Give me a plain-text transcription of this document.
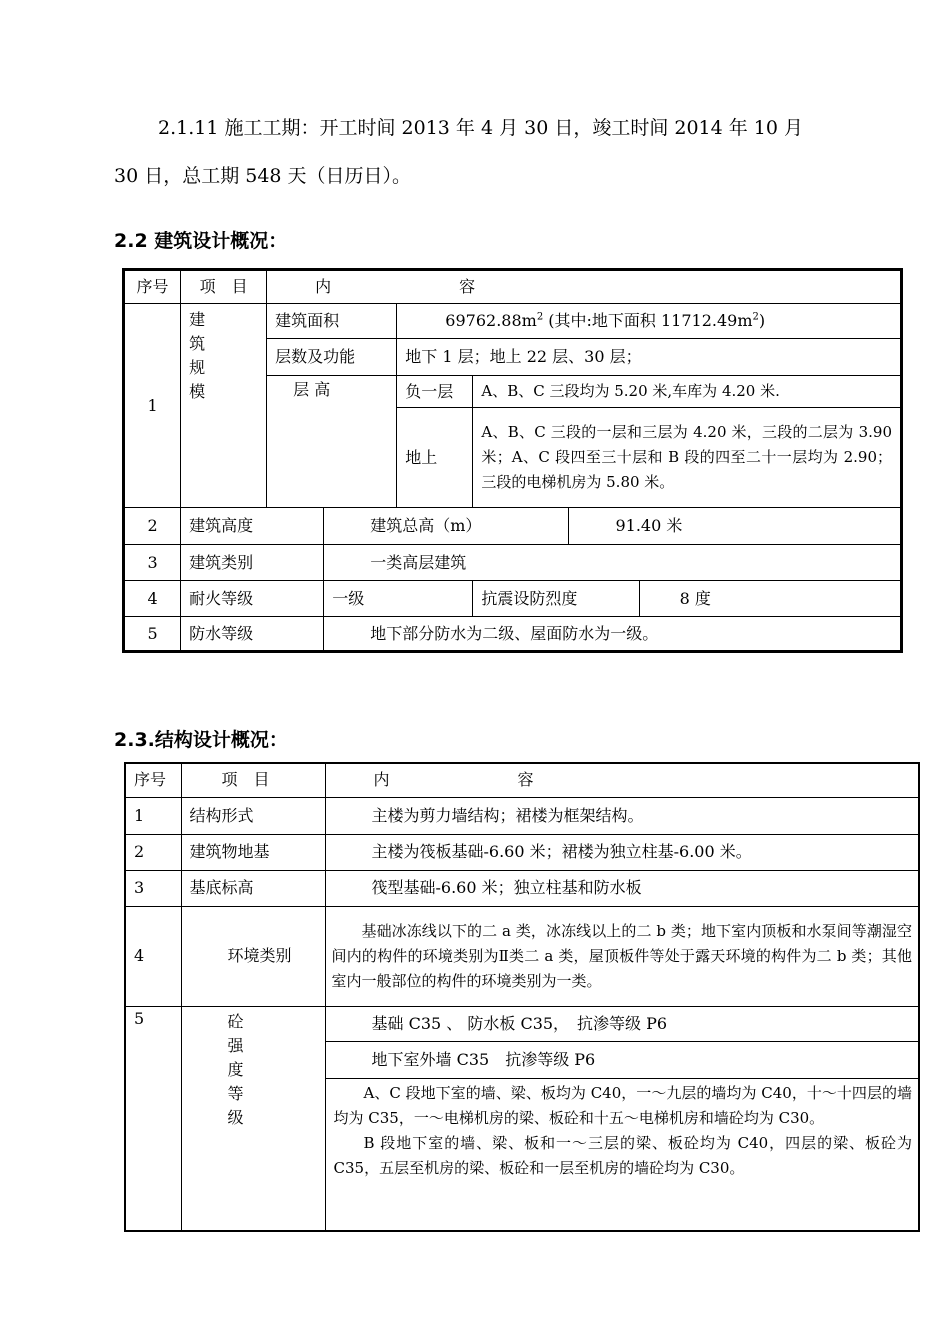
2.1.11 施工工期：开工时间 2013 年 4 月 30 日，竣工时间 2014 年 10 月
30 日，总工期 548 天（日历日）。
2.2 建筑设计概况：
序号	项　目	内　　　　　　　　容					
1	建筑规模	建筑面积		$69762.88m^2$ (其中:地下面积 $11712.49m^2$)			
		层数及功能		地下 1 层；地上 22 层、30 层；			
		层 高		负一层	A、B、C 三段均为 5.20 米,车库为 4.20 米.		
				地上	A、B、C 三段的一层和三层为 4.20 米，三段的二层为 3.90 米；A、C 段四至三十层和 B 段的四至二十一层均为 2.90；三段的电梯机房为 5.80 米。		
2	建筑高度		建筑总高（m）			91.40 米	
3	建筑类别		一类高层建筑				
4	耐火等级		一级		抗震设防烈度		8 度
5	防水等级		地下部分防水为二级、屋面防水为一级。				
2.3.结构设计概况：
序号	项　目	内　　　　　　　　容
1	结构形式	主楼为剪力墙结构；裙楼为框架结构。
2	建筑物地基	主楼为筏板基础-6.60 米；裙楼为独立柱基-6.00 米。
3	基底标高	筏型基础-6.60 米；独立柱基和防水板
4	环境类别	基础冰冻线以下的二 a 类，冰冻线以上的二 b 类；地下室内顶板和水泵间等潮湿空间内的构件的环境类别为Ⅱ类二 a 类，屋顶板件等处于露天环境的构件为二 b 类；其他室内一般部位的构件的环境类别为一类。
5	砼强度等级	基础 C35 、 防水板 C35，　抗渗等级 P6
		地下室外墙 C35　抗渗等级 P6

		A、C 段地下室的墙、梁、板均为 C40，一～九层的墙均为 C40，十～十四层的墙均为 C35，一～电梯机房的梁、板砼和十五～电梯机房和墙砼均为 C30。
B 段地下室的墙、梁、板和一～三层的梁、板砼均为 C40，四层的梁、板砼为 C35，五层至机房的梁、板砼和一层至机房的墙砼均为 C30。
